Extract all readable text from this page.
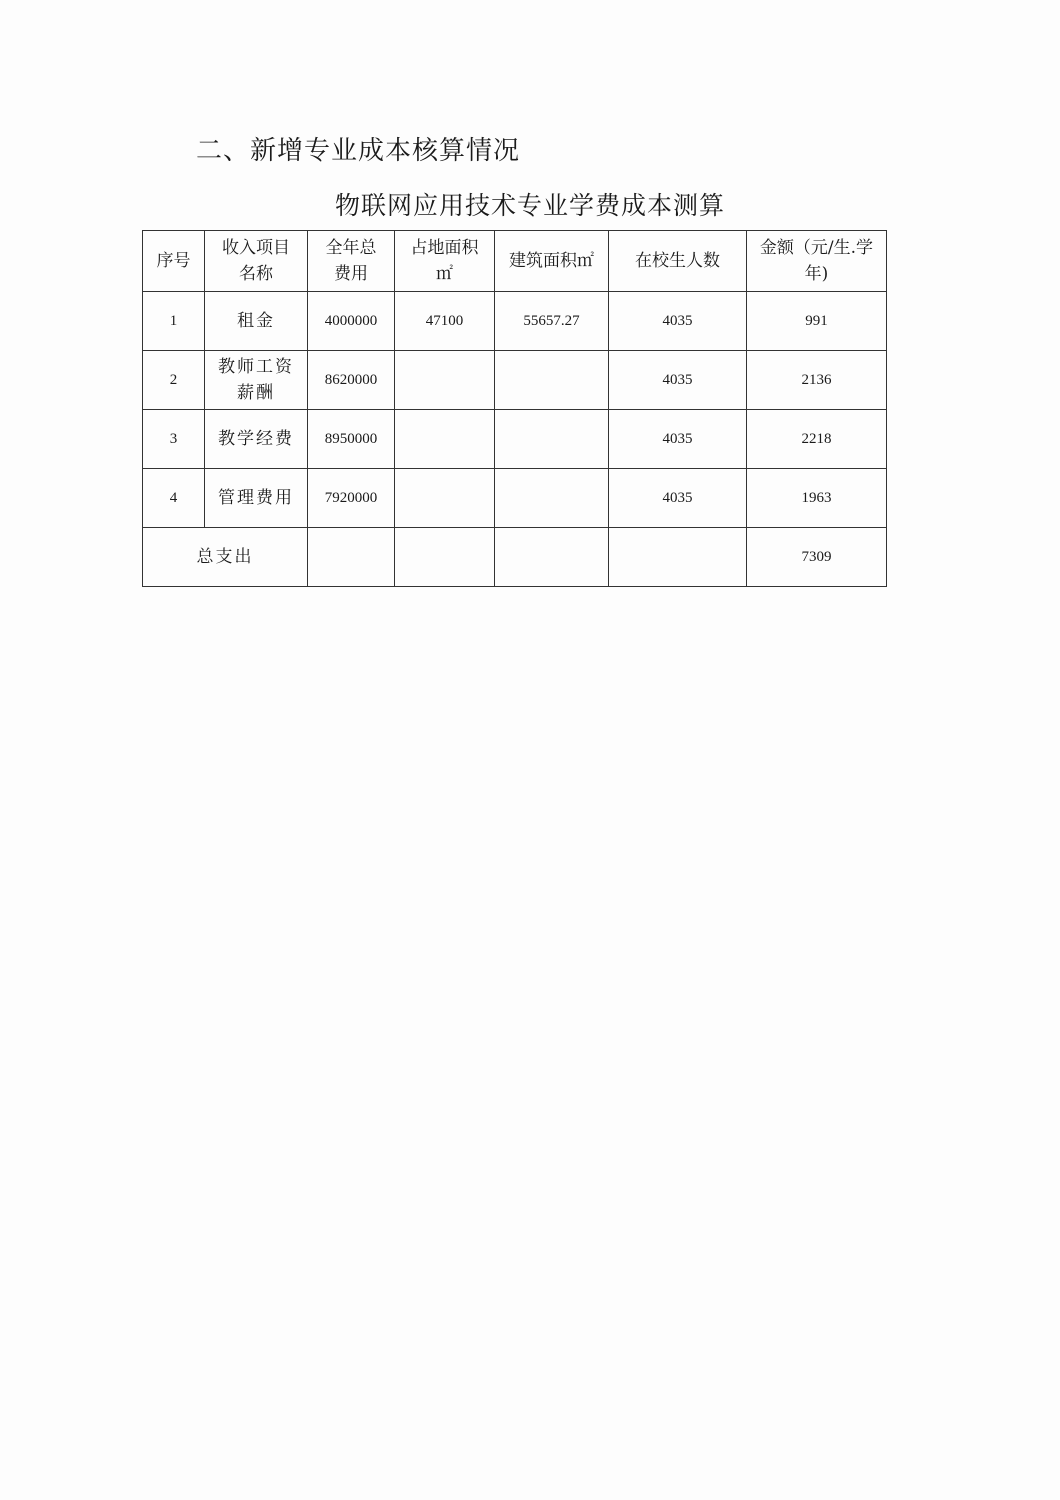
二、新增专业成本核算情况
物联网应用技术专业学费成本测算
序号	收入项目名称	全年总费用	占地面积㎡	建筑面积㎡	在校生人数	金额（元/生.学年)
1	租金	4000000	47100	55657.27	4035	991
2	教师工资薪酬	8620000			4035	2136
3	教学经费	8950000			4035	2218
4	管理费用	7920000			4035	1963
总支出						7309
